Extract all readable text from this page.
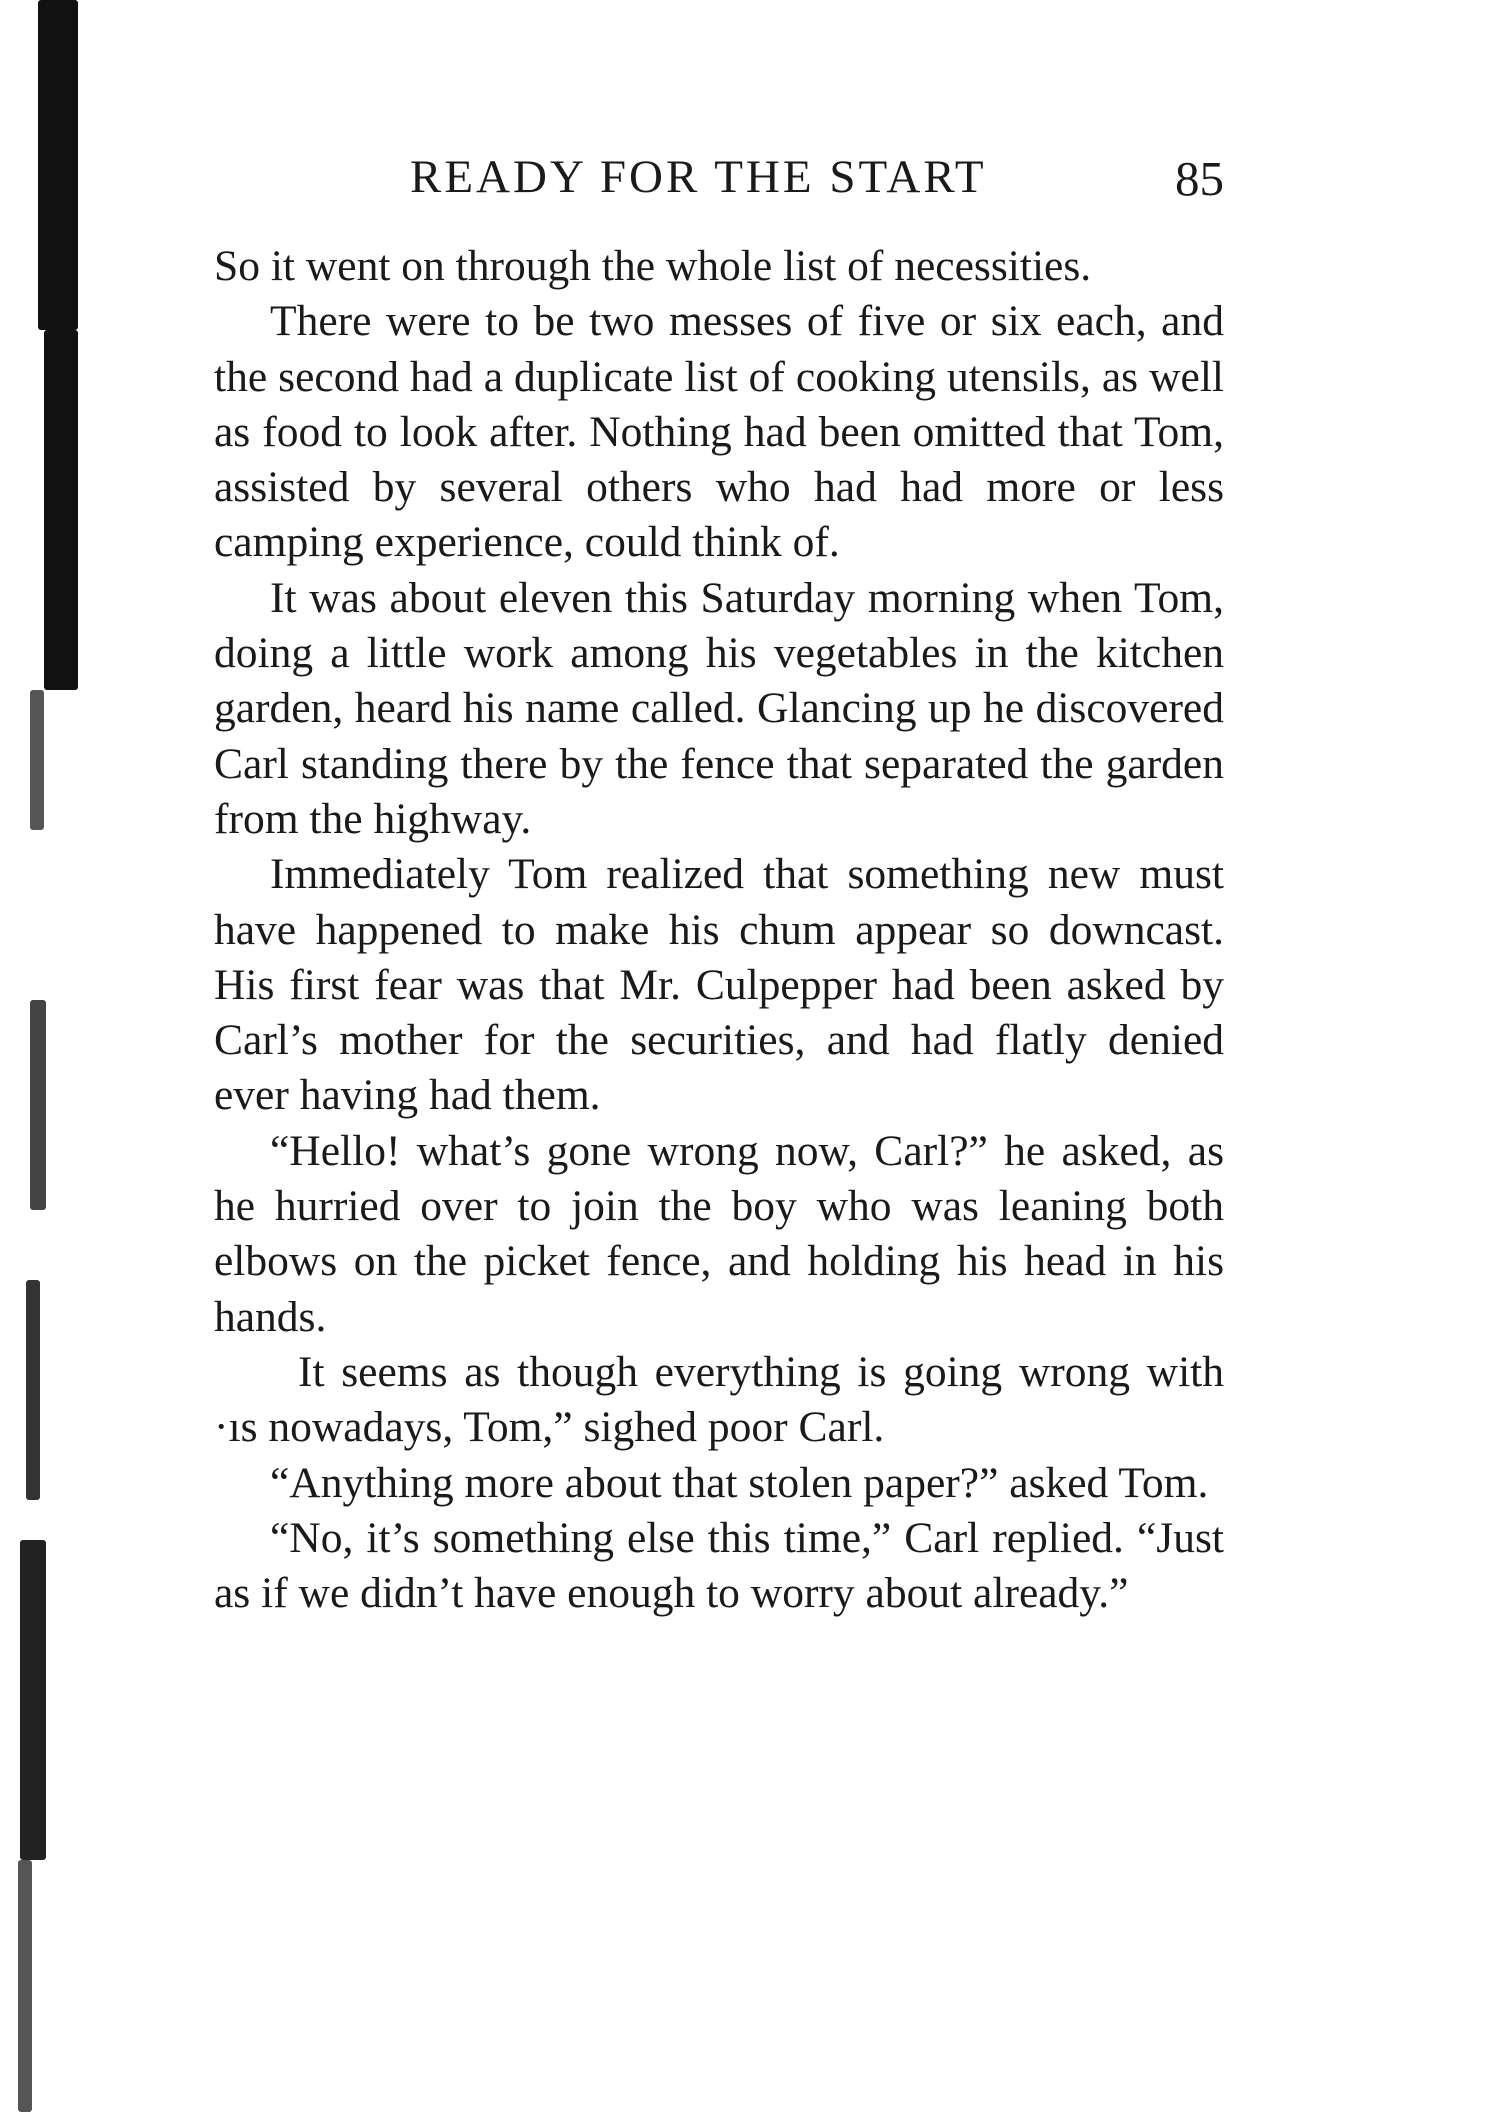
READY FOR THE START	85

So it went on through the whole list of necessities.

There were to be two messes of five or six each, and the second had a duplicate list of cooking utensils, as well as food to look after. Nothing had been omitted that Tom, assisted by several others who had had more or less camping experience, could think of.

It was about eleven this Saturday morning when Tom, doing a little work among his vegetables in the kitchen garden, heard his name called. Glancing up he discovered Carl standing there by the fence that separated the garden from the highway.

Immediately Tom realized that something new must have happened to make his chum appear so downcast. His first fear was that Mr. Culpepper had been asked by Carl’s mother for the securities, and had flatly denied ever having had them.

“Hello! what’s gone wrong now, Carl?” he asked, as he hurried over to join the boy who was leaning both elbows on the picket fence, and holding his head in his hands.

It seems as though everything is going wrong with ·ıs nowadays, Tom,” sighed poor Carl.

“Anything more about that stolen paper?” asked Tom.

“No, it’s something else this time,” Carl replied. “Just as if we didn’t have enough to worry about already.”
